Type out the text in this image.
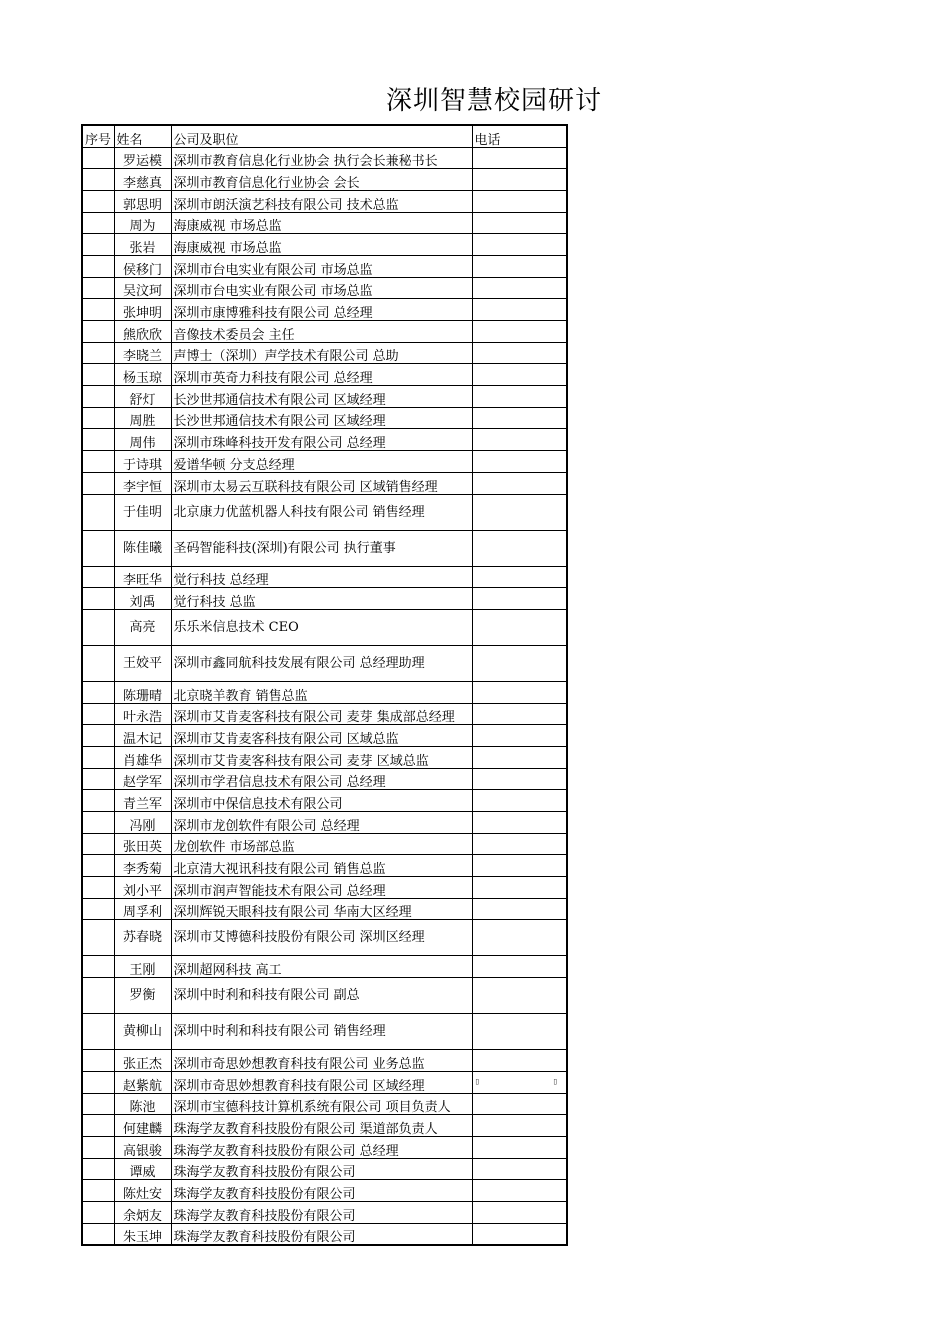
深圳智慧校园研讨
序号	姓名	公司及职位	电话
	罗运模	深圳市教育信息化行业协会 执行会长兼秘书长	
	李慈真	深圳市教育信息化行业协会 会长	
	郭思明	深圳市朗沃演艺科技有限公司 技术总监	
	周为	海康威视 市场总监	
	张岩	海康威视 市场总监	
	侯移门	深圳市台电实业有限公司 市场总监	
	吴汶珂	深圳市台电实业有限公司 市场总监	
	张坤明	深圳市康博雅科技有限公司 总经理	
	熊欣欣	音像技术委员会 主任	
	李晓兰	声博士（深圳）声学技术有限公司 总助	
	杨玉琼	深圳市英奇力科技有限公司 总经理	
	舒灯	长沙世邦通信技术有限公司 区域经理	
	周胜	长沙世邦通信技术有限公司 区域经理	
	周伟	深圳市珠峰科技开发有限公司 总经理	
	于诗琪	爱谱华顿 分支总经理	
	李宇恒	深圳市太易云互联科技有限公司 区域销售经理	
	于佳明	北京康力优蓝机器人科技有限公司 销售经理	
	陈佳曦	圣码智能科技(深圳)有限公司 执行董事	
	李旺华	觉行科技 总经理	
	刘禹	觉行科技 总监	
	高亮	乐乐米信息技术 CEO	
	王姣平	深圳市鑫同航科技发展有限公司 总经理助理	
	陈珊晴	北京晓羊教育 销售总监	
	叶永浩	深圳市艾肯麦客科技有限公司 麦芽 集成部总经理	
	温木记	深圳市艾肯麦客科技有限公司 区域总监	
	肖雄华	深圳市艾肯麦客科技有限公司 麦芽 区域总监	
	赵学军	深圳市学君信息技术有限公司 总经理	
	青兰军	深圳市中保信息技术有限公司	
	冯刚	深圳市龙创软件有限公司 总经理	
	张田英	龙创软件 市场部总监	
	李秀菊	北京清大视讯科技有限公司 销售总监	
	刘小平	深圳市润声智能技术有限公司 总经理	
	周孚利	深圳辉锐天眼科技有限公司 华南大区经理	
	苏春晓	深圳市艾博德科技股份有限公司 深圳区经理	
	王刚	深圳超网科技 高工	
	罗衡	深圳中时利和科技有限公司 副总	
	黄柳山	深圳中时利和科技有限公司 销售经理	
	张正杰	深圳市奇思妙想教育科技有限公司 业务总监	
	赵紫航	深圳市奇思妙想教育科技有限公司 区域经理	▯ ▯

	陈池	深圳市宝德科技计算机系统有限公司 项目负责人	
	何建麟	珠海学友教育科技股份有限公司 渠道部负责人	
	高银骏	珠海学友教育科技股份有限公司 总经理	
	谭威	珠海学友教育科技股份有限公司	
	陈灶安	珠海学友教育科技股份有限公司	
	余炳友	珠海学友教育科技股份有限公司	
	朱玉坤	珠海学友教育科技股份有限公司	
